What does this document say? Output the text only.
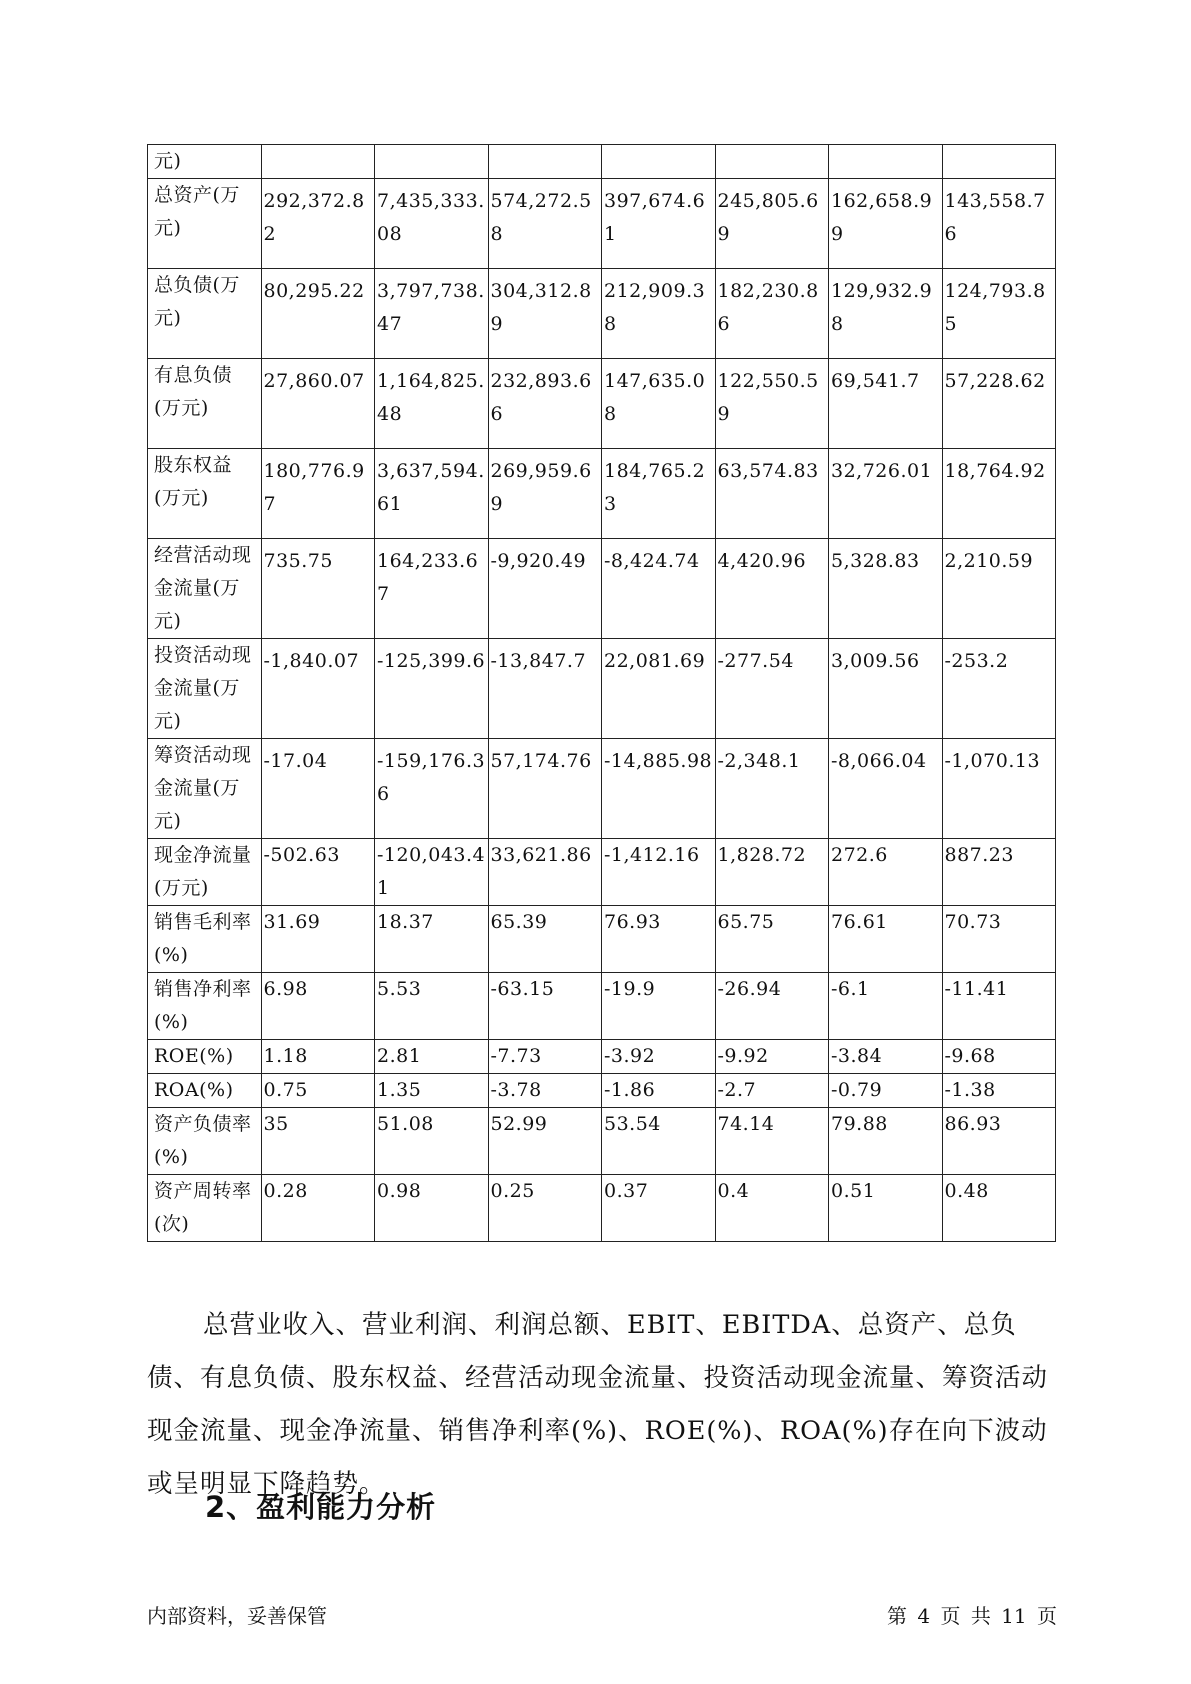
元)							
总资产(万元)	292,372.82	7,435,333.08	574,272.58	397,674.61	245,805.69	162,658.99	143,558.76
总负债(万元)	80,295.22	3,797,738.47	304,312.89	212,909.38	182,230.86	129,932.98	124,793.85
有息负债(万元)	27,860.07	1,164,825.48	232,893.66	147,635.08	122,550.59	69,541.7	57,228.62
股东权益(万元)	180,776.97	3,637,594.61	269,959.69	184,765.23	63,574.83	32,726.01	18,764.92
经营活动现金流量(万元)	735.75	164,233.67	-9,920.49	-8,424.74	4,420.96	5,328.83	2,210.59
投资活动现金流量(万元)	-1,840.07	-125,399.6	-13,847.7	22,081.69	-277.54	3,009.56	-253.2
筹资活动现金流量(万元)	-17.04	-159,176.36	57,174.76	-14,885.98	-2,348.1	-8,066.04	-1,070.13
现金净流量(万元)	-502.63	-120,043.41	33,621.86	-1,412.16	1,828.72	272.6	887.23
销售毛利率(%)	31.69	18.37	65.39	76.93	65.75	76.61	70.73
销售净利率(%)	6.98	5.53	-63.15	-19.9	-26.94	-6.1	-11.41
ROE(%)	1.18	2.81	-7.73	-3.92	-9.92	-3.84	-9.68
ROA(%)	0.75	1.35	-3.78	-1.86	-2.7	-0.79	-1.38
资产负债率(%)	35	51.08	52.99	53.54	74.14	79.88	86.93
资产周转率(次)	0.28	0.98	0.25	0.37	0.4	0.51	0.48

总营业收入、营业利润、利润总额、EBIT、EBITDA、总资产、总负债、有息负债、股东权益、经营活动现金流量、投资活动现金流量、筹资活动现金流量、现金净流量、销售净利率(%)、ROE(%)、ROA(%)存在向下波动或呈明显下降趋势。

2、盈利能力分析
内部资料，妥善保管	第 4 页 共 11 页
